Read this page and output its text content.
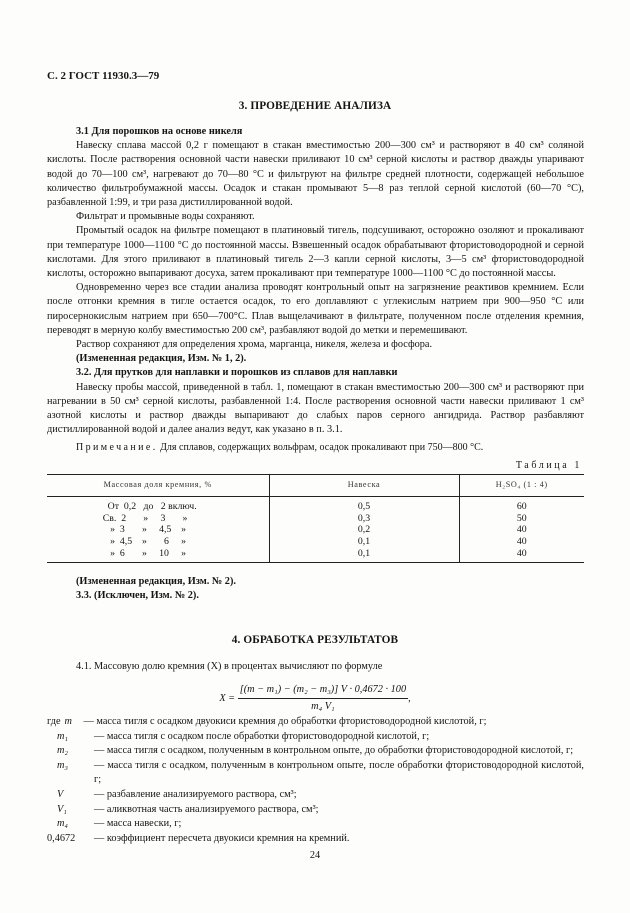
С. 2 ГОСТ 11930.3—79
3. ПРОВЕДЕНИЕ АНАЛИЗА
3.1 Для порошков на основе никеля

Навеску сплава массой 0,2 г помещают в стакан вместимостью 200—300 см³ и растворяют в 40 см³ соляной кислоты. После растворения основной части навески приливают 10 см³ серной кислоты и раствор дважды упаривают водой до 70—100 см³, нагревают до 70—80 °С и фильтруют на фильтре средней плотности, содержащей небольшое количество фильтробумажной массы. Осадок и стакан промывают 5—8 раз теплой серной кислотой (60—70 °С), разбавленной 1:99, и три раза дистиллированной водой.

Фильтрат и промывные воды сохраняют.

Промытый осадок на фильтре помещают в платиновый тигель, подсушивают, осторожно озоляют и прокаливают при температуре 1000—1100 °С до постоянной массы. Взвешенный осадок обрабатывают фтористоводородной и серной кислотами. Для этого приливают в платиновый тигель 2—3 капли серной кислоты, 3—5 см³ фтористоводородной кислоты, осторожно выпаривают досуха, затем прокаливают при температуре 1000—1100 °С до постоянной массы.

Одновременно через все стадии анализа проводят контрольный опыт на загрязнение реактивов кремнием. Если после отгонки кремния в тигле остается осадок, то его доплавляют с углекислым натрием при 900—950 °С или пиросернокислым натрием при 650—700°С. Плав выщелачивают в фильтрате, полученном после отделения кремния, переводят в мерную колбу вместимостью 200 см³, разбавляют водой до метки и перемешивают.

Раствор сохраняют для определения хрома, марганца, никеля, железа и фосфора.

(Измененная редакция, Изм. № 1, 2).

3.2. Для прутков для наплавки и порошков из сплавов для наплавки

Навеску пробы массой, приведенной в табл. 1, помещают в стакан вместимостью 200—300 см³ и растворяют при нагревании в 50 см³ серной кислоты, разбавленной 1:4. После растворения основной части навески приливают 1 см³ азотной кислоты и раствор дважды выпаривают до слабых паров серного ангидрида. Раствор разбавляют дистиллированной водой и далее анализ ведут, как указано в п. 3.1.

Примечание. Для сплавов, содержащих вольфрам, осадок прокаливают при 750—800 °С.
Таблица 1
Массовая доля кремния, %	Навеска	H₂SO₄ (1 : 4)
От  0,2   до   2 включ.	0,5	60
Св.  2       »     3       »	0,3	50
»  3       »     4,5    »	0,2	40
»  4,5    »       6     »	0,1	40
»  6       »     10     »	0,1	40
(Измененная редакция, Изм. № 2).
3.3. (Исключен, Изм. № 2).
4. ОБРАБОТКА РЕЗУЛЬТАТОВ

4.1. Массовую долю кремния (X) в процентах вычисляют по формуле

$X = \frac{\text{[(m − m₁) − (m₂ − m₃)] V · 0,4672 · 100}}{\text{m₄ V₁}}$ ,
где m	— масса тигля с осадком двуокиси кремния до обработки фтористоводородной кислотой, г;
m₁	— масса тигля с осадком после обработки фтористоводородной кислотой, г;
m₂	— масса тигля с осадком, полученным в контрольном опыте, до обработки фтористоводородной кислотой, г;
m₃	— масса тигля с осадком, полученным в контрольном опыте, после обработки фтористоводородной кислотой, г;
V	— разбавление анализируемого раствора, см³;
V₁	— аликвотная часть анализируемого раствора, см³;
m₄	— масса навески, г;
0,4672	— коэффициент пересчета двуокиси кремния на кремний.
24
